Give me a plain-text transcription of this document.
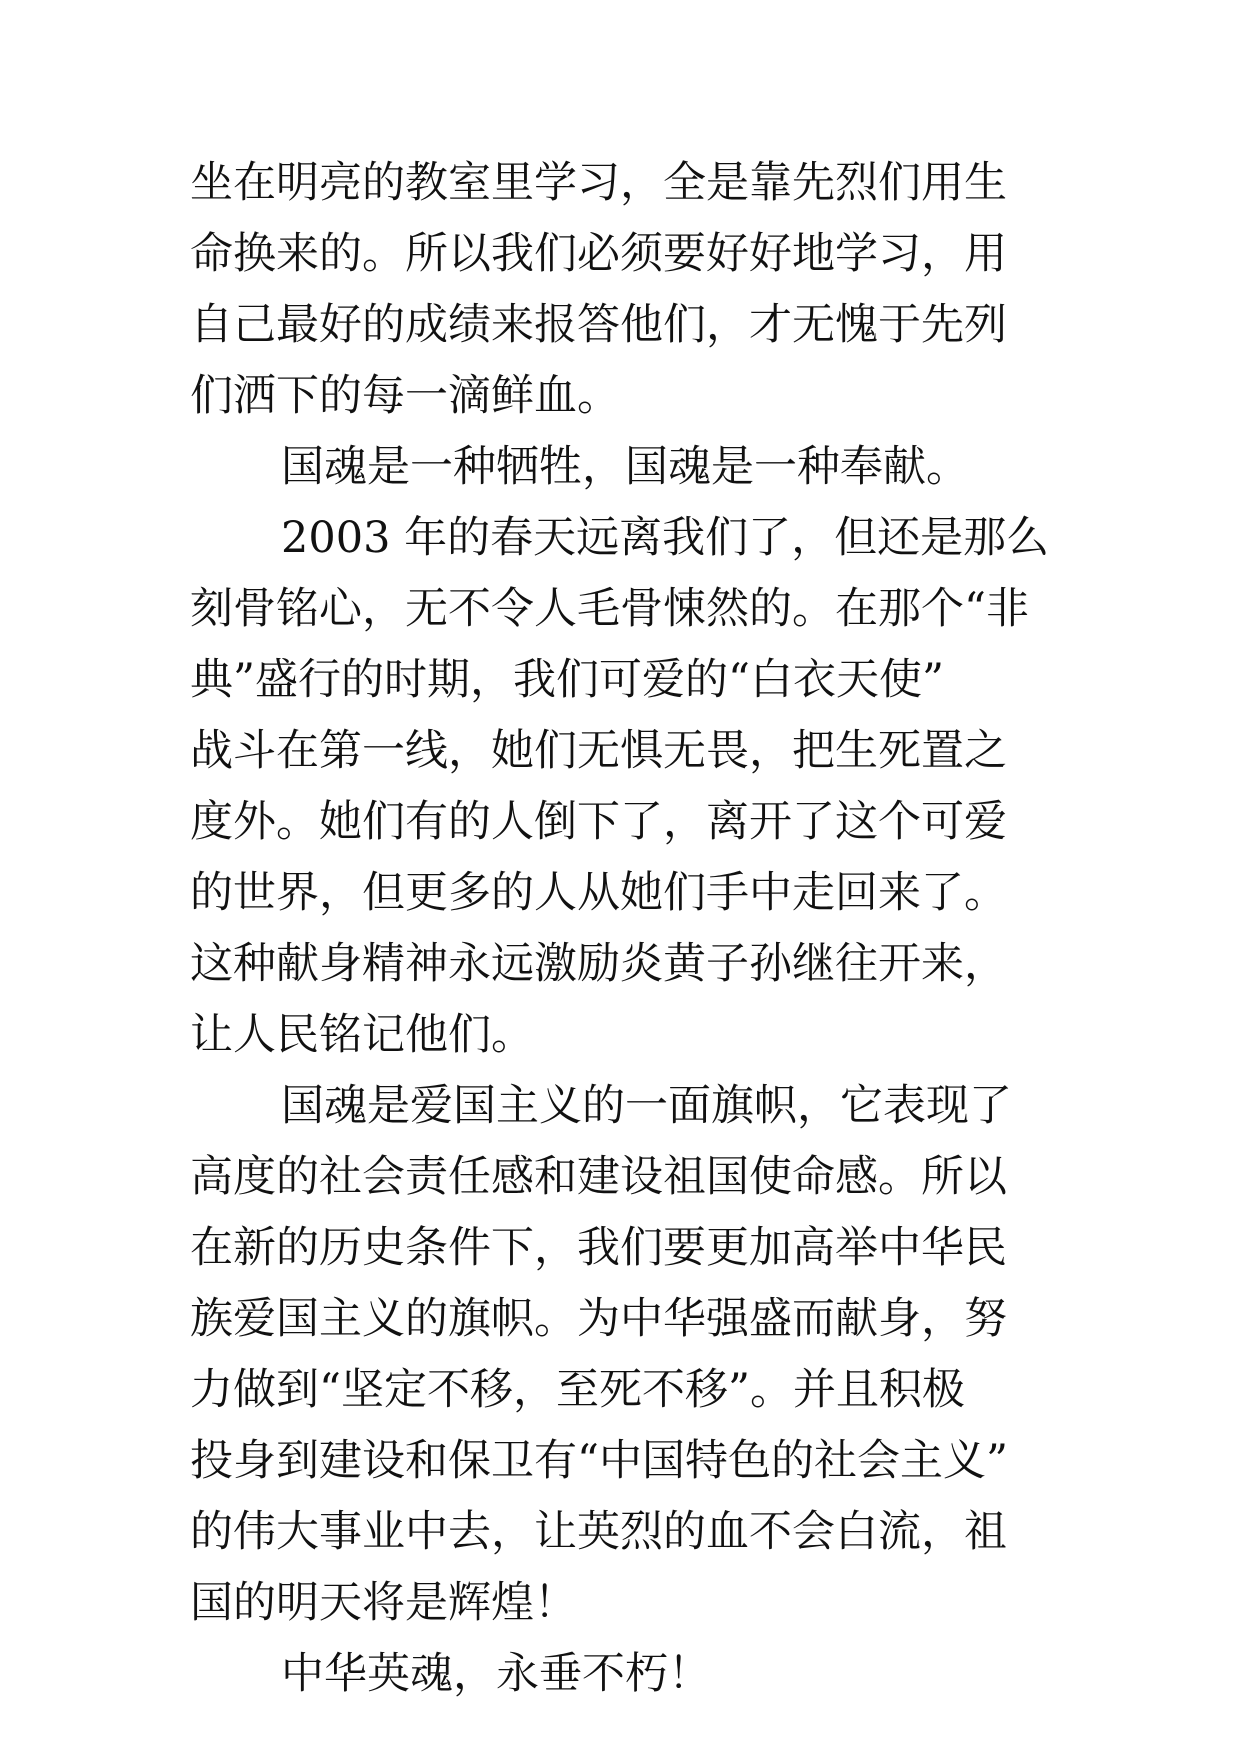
坐在明亮的教室里学习，全是靠先烈们用生
命换来的。所以我们必须要好好地学习，用
自己最好的成绩来报答他们，才无愧于先列
们洒下的每一滴鲜血。
国魂是一种牺牲，国魂是一种奉献。
2003 年的春天远离我们了，但还是那么
刻骨铭心，无不令人毛骨悚然的。在那个“非
典”盛行的时期，我们可爱的“白衣天使”
战斗在第一线，她们无惧无畏，把生死置之
度外。她们有的人倒下了，离开了这个可爱
的世界，但更多的人从她们手中走回来了。
这种献身精神永远激励炎黄子孙继往开来，
让人民铭记他们。
国魂是爱国主义的一面旗帜，它表现了
高度的社会责任感和建设祖国使命感。所以
在新的历史条件下，我们要更加高举中华民
族爱国主义的旗帜。为中华强盛而献身，努
力做到“坚定不移，至死不移”。并且积极
投身到建设和保卫有“中国特色的社会主义”
的伟大事业中去，让英烈的血不会白流，祖
国的明天将是辉煌！
中华英魂，永垂不朽！
